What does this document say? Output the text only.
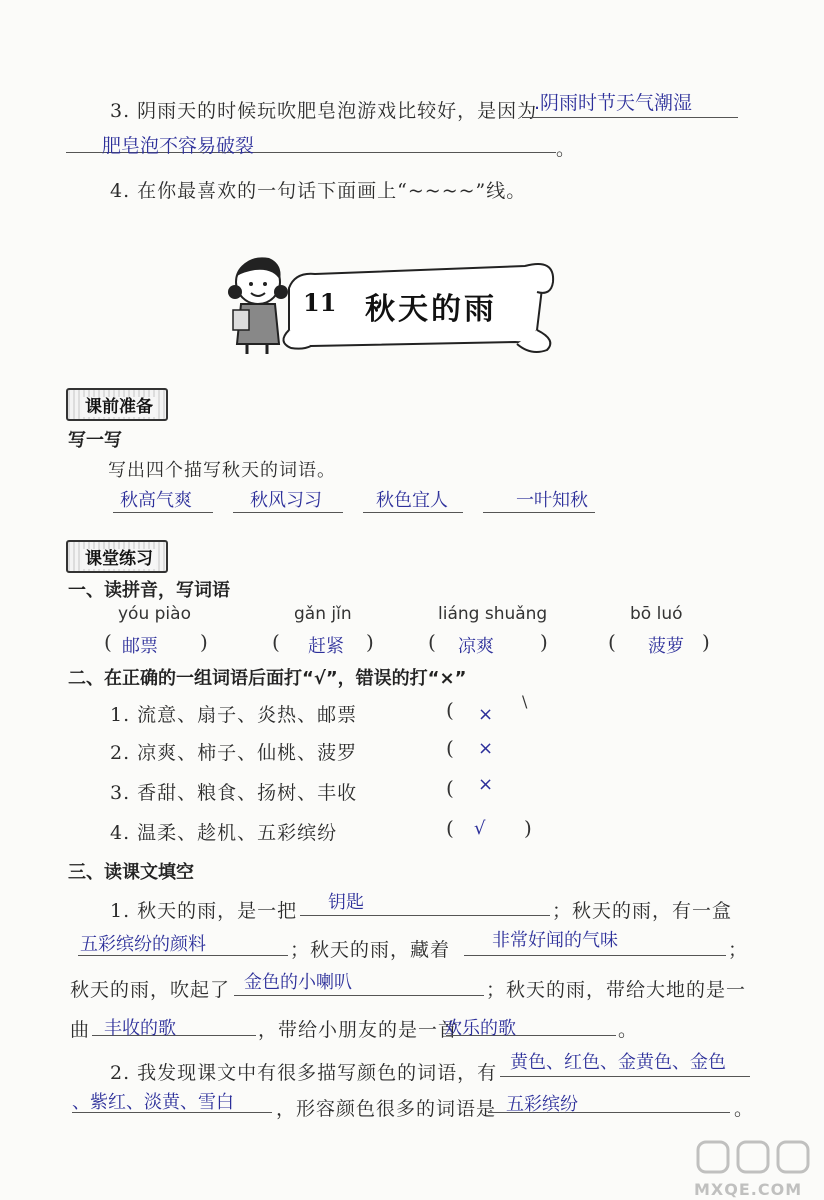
3. 阴雨天的时候玩吹肥皂泡游戏比较好，是因为
.阴雨时节天气潮湿
肥皂泡不容易破裂	。
4. 在你最喜欢的一句话下面画上“~~~~”线。
11 秋天的雨
课前准备
写一写
写出四个描写秋天的词语。
秋高气爽	秋风习习	秋色宜人	一叶知秋
课堂练习
一、读拼音，写词语
yóu piào
( 邮票 )
gǎn jǐn
( 赶紧 )
liáng shuǎng
( 凉爽 )
bō luó
( 菠萝 )
二、在正确的一组词语后面打“√”，错误的打“×”
1. 流意、扇子、炎热、邮票	( ×
\
2. 凉爽、柿子、仙桃、菠罗	( ×
3. 香甜、粮食、扬树、丰收	( ×
4. 温柔、趁机、五彩缤纷	( √ )
三、读课文填空
1. 秋天的雨，是一把 钥匙	；秋天的雨，有一盒
五彩缤纷的颜料	；秋天的雨，藏着 非常好闻的气味	；
秋天的雨，吹起了 金色的小喇叭	；秋天的雨，带给大地的是一
曲 丰收的歌	，带给小朋友的是一首
欢乐的歌	。
2. 我发现课文中有很多描写颜色的词语，有 黄色、红色、金黄色、金色
、紫红、淡黄、雪白 ，形容颜色很多的词语是 五彩缤纷	。
MXQE.COM
